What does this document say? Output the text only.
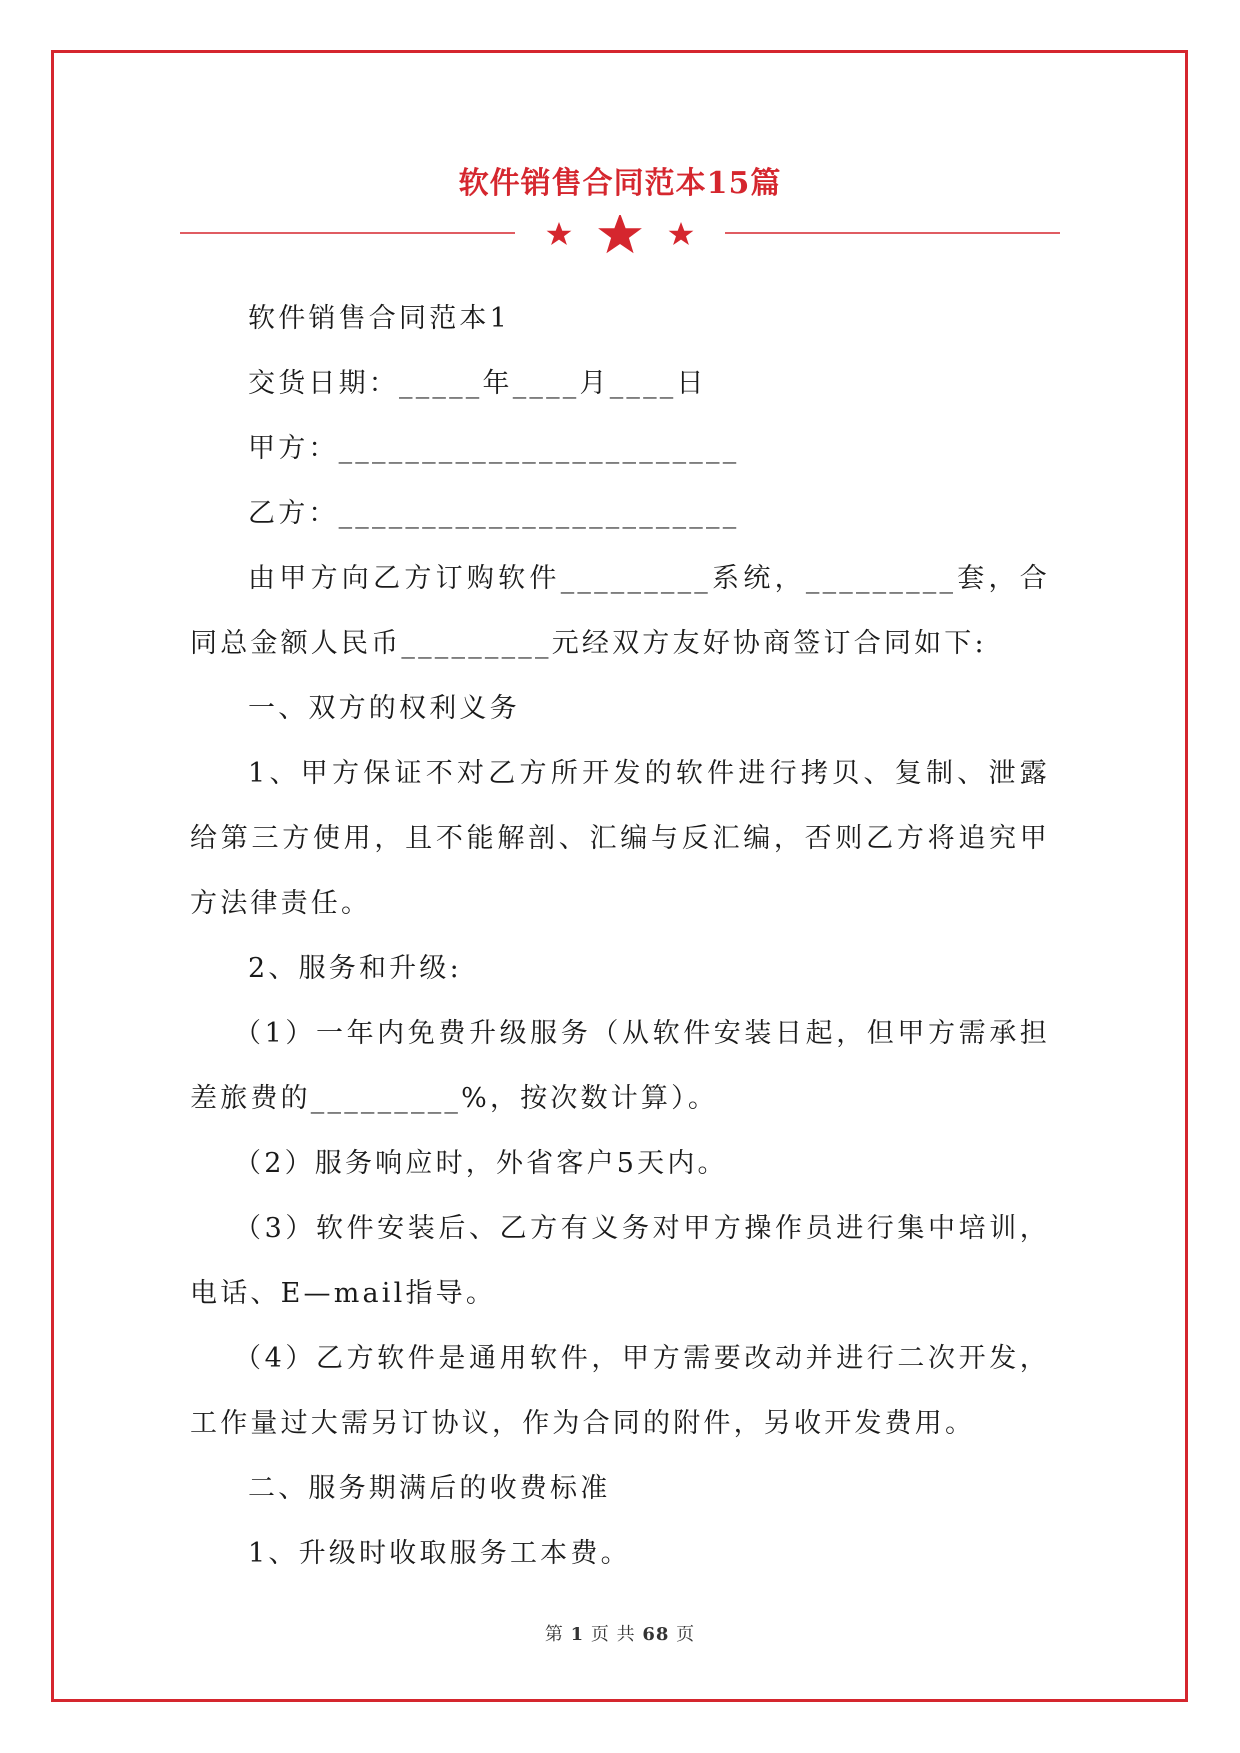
软件销售合同范本15篇

软件销售合同范本1

交货日期：_____年____月____日

甲方：________________________

乙方：________________________

由甲方向乙方订购软件_________系统，_________套，合同总金额人民币_________元经双方友好协商签订合同如下:

一、双方的权利义务

1、甲方保证不对乙方所开发的软件进行拷贝、复制、泄露给第三方使用，且不能解剖、汇编与反汇编，否则乙方将追究甲方法律责任。

2、服务和升级:

（1）一年内免费升级服务（从软件安装日起，但甲方需承担差旅费的_________%，按次数计算）。

（2）服务响应时，外省客户5天内。

（3）软件安装后、乙方有义务对甲方操作员进行集中培训，电话、E—mail指导。

（4）乙方软件是通用软件，甲方需要改动并进行二次开发，工作量过大需另订协议，作为合同的附件，另收开发费用。

二、服务期满后的收费标准

1、升级时收取服务工本费。

第 1 页 共 68 页
